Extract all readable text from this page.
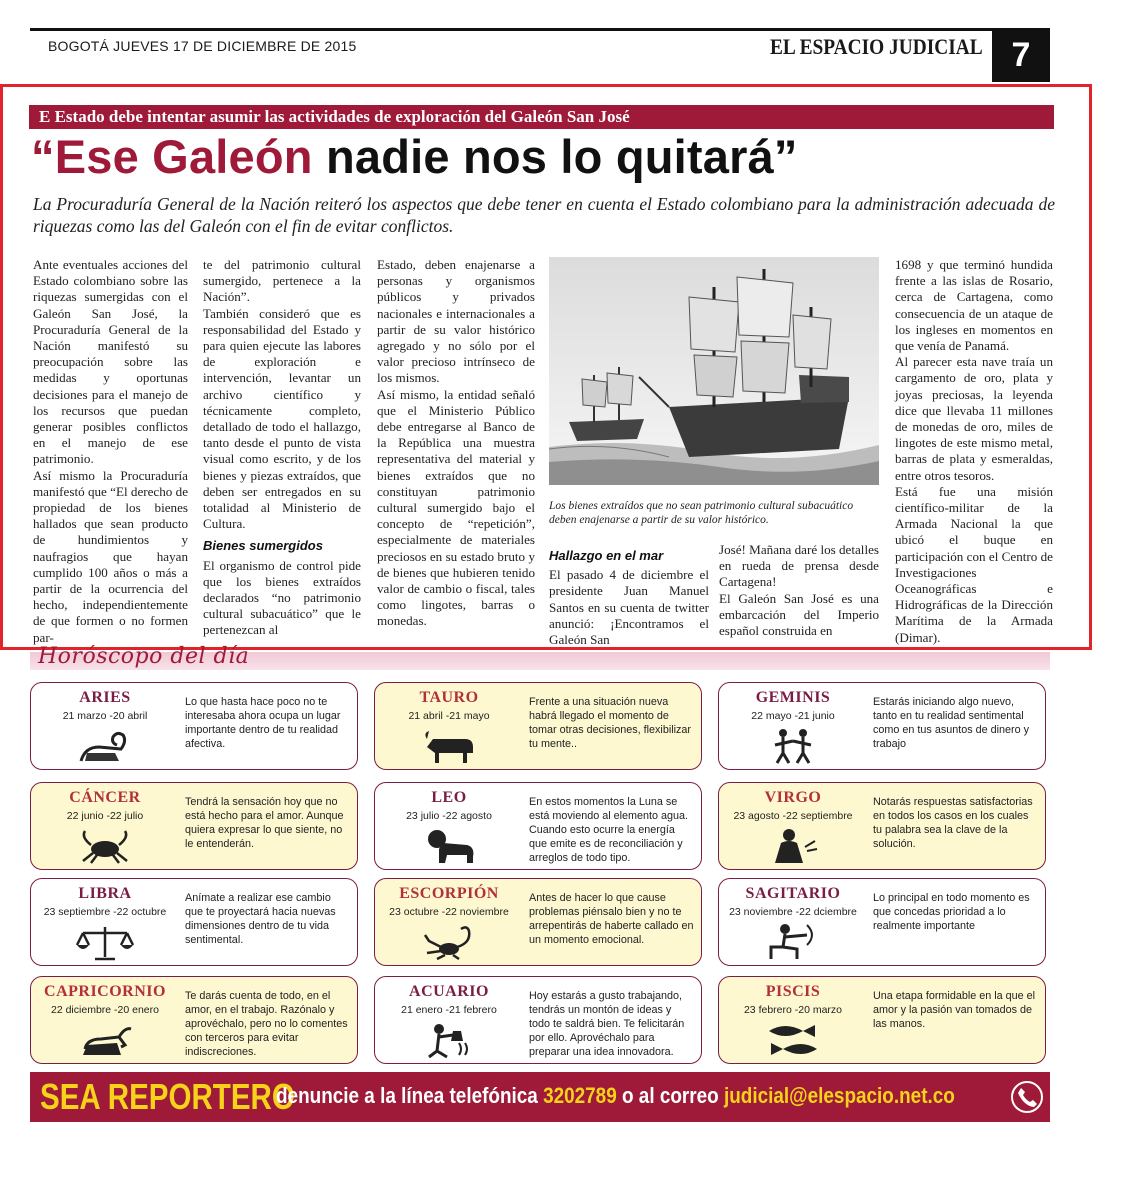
BOGOTÁ JUEVES 17 DE DICIEMBRE DE 2015	EL ESPACIO JUDICIAL 7
E Estado debe intentar asumir las actividades de exploración del Galeón San José
“Ese Galeón nadie nos lo quitará”
La Procuraduría General de la Nación reiteró los aspectos que debe tener en cuenta el Estado colombiano para la administración adecuada de riquezas como las del Galeón con el fin de evitar conflictos.

Ante eventuales acciones del Estado colombiano sobre las riquezas sumergidas con el Galeón San José, la Procuraduría General de la Nación manifestó su preocupación sobre las medidas y oportunas decisiones para el manejo de los recursos que puedan generar posibles conflictos en el manejo de ese patrimonio.

Así mismo la Procuraduría manifestó que “El derecho de propiedad de los bienes hallados que sean producto de hundimientos y naufragios que hayan cumplido 100 años o más a partir de la ocurrencia del hecho, independientemente de que formen o no formen par-

te del patrimonio cultural sumergido, pertenece a la Nación”.

También consideró que es responsabilidad del Estado y para quien ejecute las labores de exploración e intervención, levantar un archivo científico y técnicamente completo, detallado de todo el hallazgo, tanto desde el punto de vista visual como escrito, y de los bienes y piezas extraídos, que deben ser entregados en su totalidad al Ministerio de Cultura.

Bienes sumergidos

El organismo de control pide que los bienes extraídos declarados “no patrimonio cultural subacuático” que le pertenezcan al

Estado, deben enajenarse a personas y organismos públicos y privados nacionales e internacionales a partir de su valor histórico agregado y no sólo por el valor precioso intrínseco de los mismos.

Así mismo, la entidad señaló que el Ministerio Público debe entregarse al Banco de la República una muestra representativa del material y bienes extraídos que no constituyan patrimonio cultural sumergido bajo el concepto de “repetición”, especialmente de materiales preciosos en su estado bruto y de bienes que hubieren tenido valor de cambio o fiscal, tales como lingotes, barras o monedas.

Los bienes extraídos que no sean patrimonio cultural subacuático deben enajenarse a partir de su valor histórico.
Hallazgo en el mar

El pasado 4 de diciembre el presidente Juan Manuel Santos en su cuenta de twitter anunció: ¡Encontramos el Galeón San

José! Mañana daré los detalles en rueda de prensa desde Cartagena!

El Galeón San José es una embarcación del Imperio español construida en

1698 y que terminó hundida frente a las islas de Rosario, cerca de Cartagena, como consecuencia de un ataque de los ingleses en momentos en que venía de Panamá.

Al parecer esta nave traía un cargamento de oro, plata y joyas preciosas, la leyenda dice que llevaba 11 millones de monedas de oro, miles de lingotes de este mismo metal, barras de plata y esmeraldas, entre otros tesoros.

Está fue una misión científico-militar de la Armada Nacional la que ubicó el buque en participación con el Centro de Investigaciones Oceanográficas e Hidrográficas de la Dirección Marítima de la Armada (Dimar).

Horóscopo del día
ARIES
21 marzo -20 abril
Lo que hasta hace poco no te interesaba ahora ocupa un lugar importante dentro de tu realidad afectiva.
TAURO
21 abril -21 mayo
Frente a una situación nueva habrá llegado el momento de tomar otras decisiones, flexibilizar tu mente..
GEMINIS
22 mayo -21 junio
Estarás iniciando algo nuevo, tanto en tu realidad sentimental como en tus asuntos de dinero y trabajo
CÁNCER
22 junio -22 julio
Tendrá la sensación hoy que no está hecho para el amor. Aunque quiera expresar lo que siente, no le entenderán.
LEO
23 julio -22 agosto
En estos momentos la Luna se está moviendo al elemento agua. Cuando esto ocurre la energía que emite es de reconciliación y arreglos de todo tipo.
VIRGO
23 agosto -22 septiembre
Notarás respuestas satisfactorias en todos los casos en los cuales tu palabra sea la clave de la solución.
LIBRA
23 septiembre -22 octubre
Anímate a realizar ese cambio que te proyectará hacia nuevas dimensiones dentro de tu vida sentimental.
ESCORPIÓN
23 octubre -22 noviembre
Antes de hacer lo que cause problemas piénsalo bien y no te arrepentirás de haberte callado en un momento emocional.
SAGITARIO
23 noviembre -22 dciembre
Lo principal en todo momento es que concedas prioridad a lo realmente importante
CAPRICORNIO
22 diciembre -20 enero
Te darás cuenta de todo, en el amor, en el trabajo. Razónalo y aprovéchalo, pero no lo comentes con terceros para evitar indiscreciones.
ACUARIO
21 enero -21 febrero
Hoy estarás a gusto trabajando, tendrás un montón de ideas y todo te saldrá bien. Te felicitarán por ello. Aprovéchalo para preparar una idea innovadora.
PISCIS
23 febrero -20 marzo
Una etapa formidable en la que el amor y la pasión van tomados de las manos.
SEA REPORTERO
denuncie a la línea telefónica 3202789 o al correo judicial@elespacio.net.co
